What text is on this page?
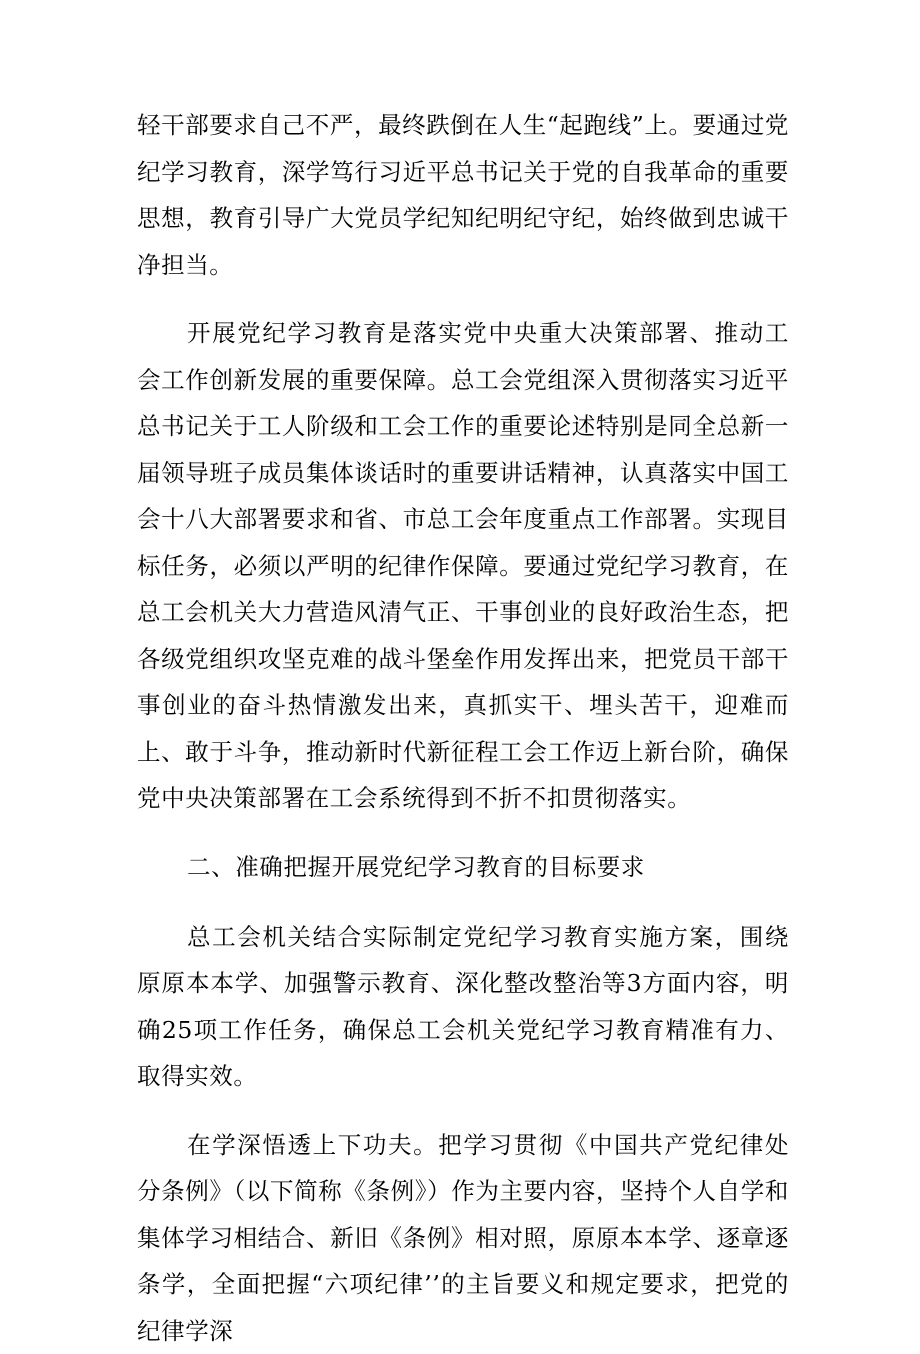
轻干部要求自己不严，最终跌倒在人生“起跑线”上。要通过党纪学习教育，深学笃行习近平总书记关于党的自我革命的重要思想，教育引导广大党员学纪知纪明纪守纪，始终做到忠诚干净担当。

开展党纪学习教育是落实党中央重大决策部署、推动工会工作创新发展的重要保障。总工会党组深入贯彻落实习近平总书记关于工人阶级和工会工作的重要论述特别是同全总新一届领导班子成员集体谈话时的重要讲话精神，认真落实中国工会十八大部署要求和省、市总工会年度重点工作部署。实现目标任务，必须以严明的纪律作保障。要通过党纪学习教育，在总工会机关大力营造风清气正、干事创业的良好政治生态，把各级党组织攻坚克难的战斗堡垒作用发挥出来，把党员干部干事创业的奋斗热情激发出来，真抓实干、埋头苦干，迎难而上、敢于斗争，推动新时代新征程工会工作迈上新台阶，确保党中央决策部署在工会系统得到不折不扣贯彻落实。

二、准确把握开展党纪学习教育的目标要求

总工会机关结合实际制定党纪学习教育实施方案，围绕原原本本学、加强警示教育、深化整改整治等3方面内容，明确25项工作任务，确保总工会机关党纪学习教育精准有力、取得实效。

在学深悟透上下功夫。把学习贯彻《中国共产党纪律处分条例》（以下简称《条例》）作为主要内容，坚持个人自学和集体学习相结合、新旧《条例》相对照，原原本本学、逐章逐条学，全面把握“六项纪律’’的主旨要义和规定要求，把党的纪律学深
